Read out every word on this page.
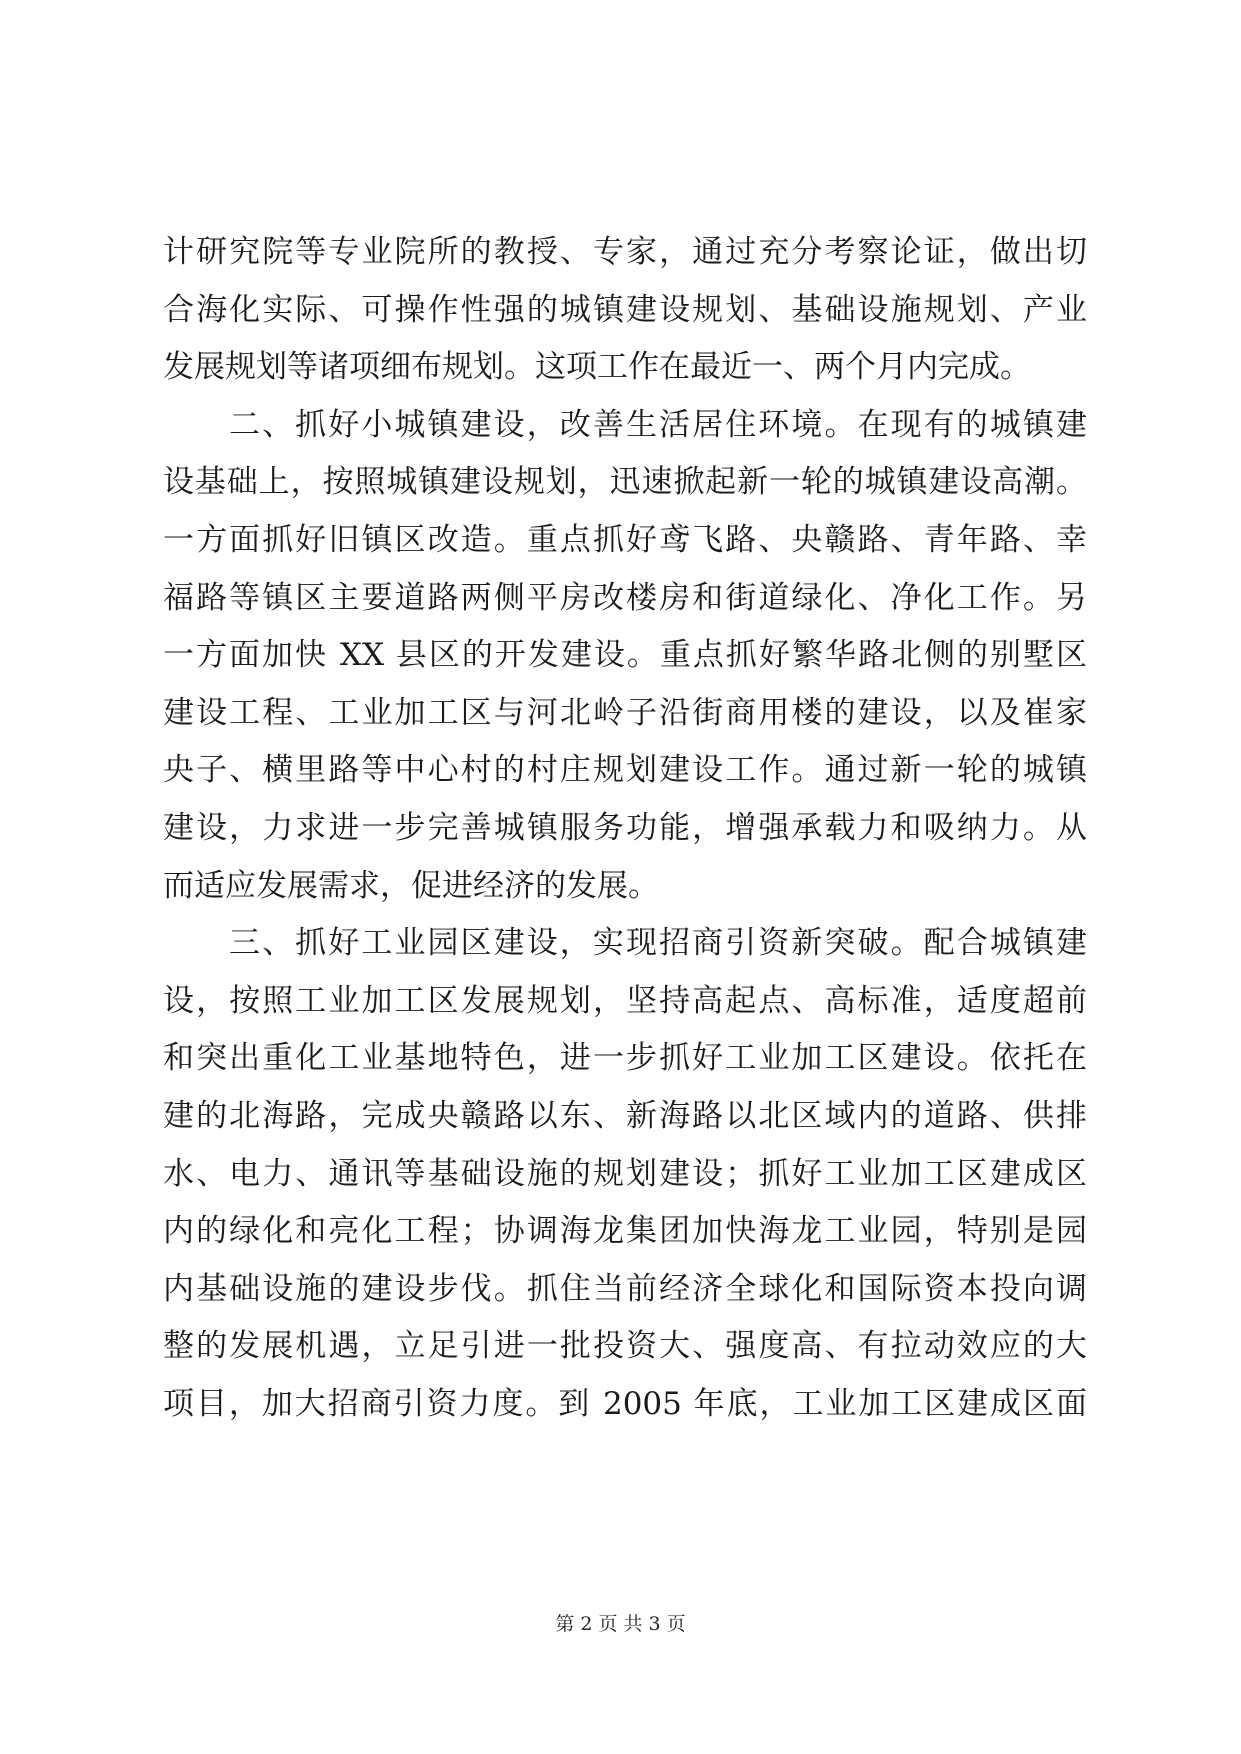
计研究院等专业院所的教授、专家，通过充分考察论证，做出切
合海化实际、可操作性强的城镇建设规划、基础设施规划、产业
发展规划等诸项细布规划。这项工作在最近一、两个月内完成。
二、抓好小城镇建设，改善生活居住环境。在现有的城镇建
设基础上，按照城镇建设规划，迅速掀起新一轮的城镇建设高潮。
一方面抓好旧镇区改造。重点抓好鸢飞路、央赣路、青年路、幸
福路等镇区主要道路两侧平房改楼房和街道绿化、净化工作。另
一方面加快 XX 县区的开发建设。重点抓好繁华路北侧的别墅区
建设工程、工业加工区与河北岭子沿街商用楼的建设，以及崔家
央子、横里路等中心村的村庄规划建设工作。通过新一轮的城镇
建设，力求进一步完善城镇服务功能，增强承载力和吸纳力。从
而适应发展需求，促进经济的发展。
三、抓好工业园区建设，实现招商引资新突破。配合城镇建
设，按照工业加工区发展规划，坚持高起点、高标准，适度超前
和突出重化工业基地特色，进一步抓好工业加工区建设。依托在
建的北海路，完成央赣路以东、新海路以北区域内的道路、供排
水、电力、通讯等基础设施的规划建设；抓好工业加工区建成区
内的绿化和亮化工程；协调海龙集团加快海龙工业园，特别是园
内基础设施的建设步伐。抓住当前经济全球化和国际资本投向调
整的发展机遇，立足引进一批投资大、强度高、有拉动效应的大
项目，加大招商引资力度。到 2005 年底，工业加工区建成区面
第 2 页 共 3 页
